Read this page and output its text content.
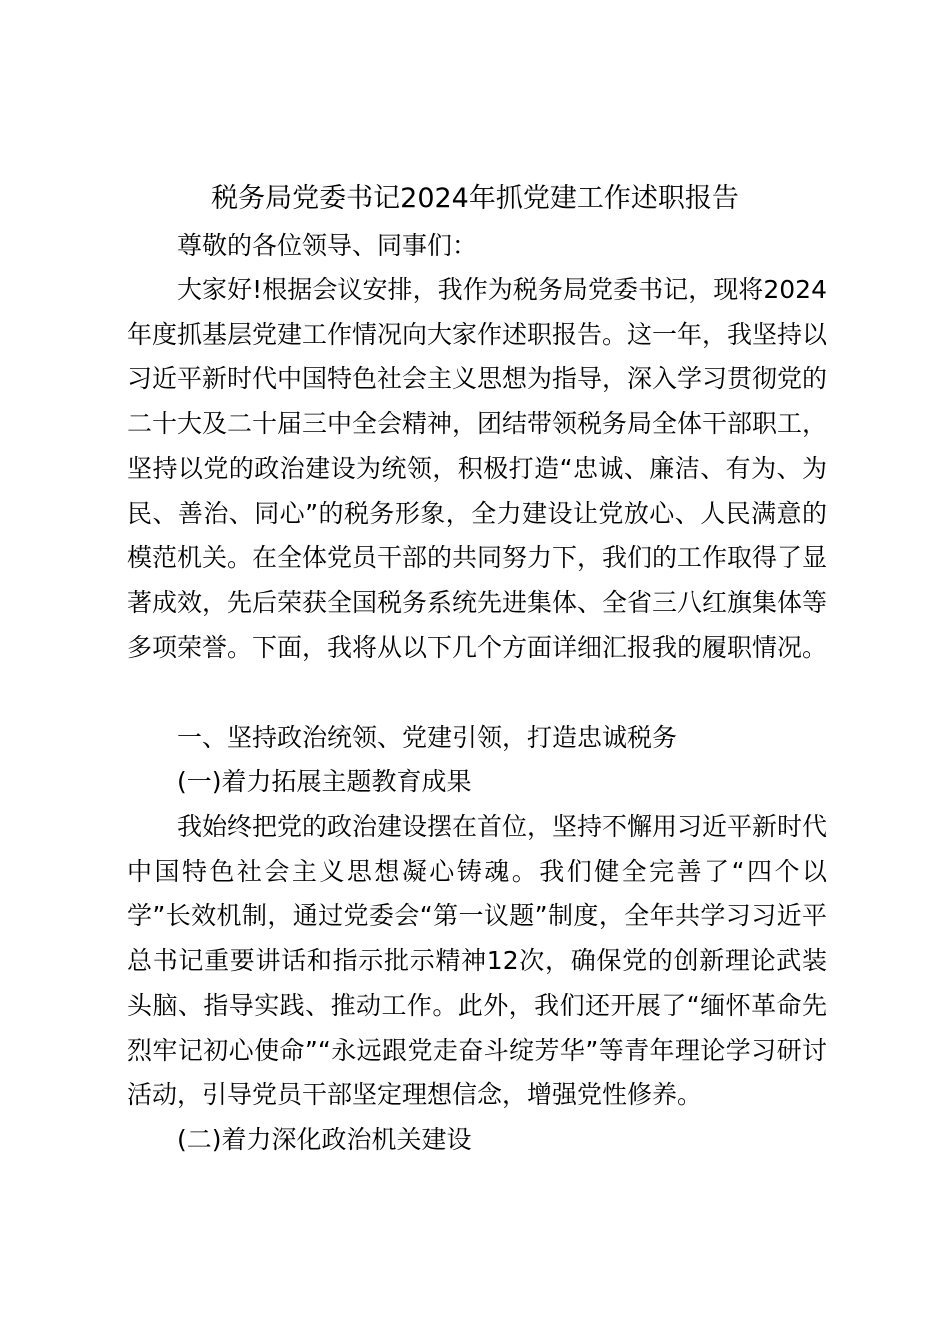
税务局党委书记2024年抓党建工作述职报告

尊敬的各位领导、同事们：

大家好!根据会议安排，我作为税务局党委书记，现将2024年度抓基层党建工作情况向大家作述职报告。这一年，我坚持以习近平新时代中国特色社会主义思想为指导，深入学习贯彻党的二十大及二十届三中全会精神，团结带领税务局全体干部职工，坚持以党的政治建设为统领，积极打造“忠诚、廉洁、有为、为民、善治、同心”的税务形象，全力建设让党放心、人民满意的模范机关。在全体党员干部的共同努力下，我们的工作取得了显著成效，先后荣获全国税务系统先进集体、全省三八红旗集体等多项荣誉。下面，我将从以下几个方面详细汇报我的履职情况。

一、坚持政治统领、党建引领，打造忠诚税务

(一)着力拓展主题教育成果

我始终把党的政治建设摆在首位，坚持不懈用习近平新时代中国特色社会主义思想凝心铸魂。我们健全完善了“四个以学”长效机制，通过党委会“第一议题”制度，全年共学习习近平总书记重要讲话和指示批示精神12次，确保党的创新理论武装头脑、指导实践、推动工作。此外，我们还开展了“缅怀革命先烈牢记初心使命”“永远跟党走奋斗绽芳华”等青年理论学习研讨活动，引导党员干部坚定理想信念，增强党性修养。

(二)着力深化政治机关建设
